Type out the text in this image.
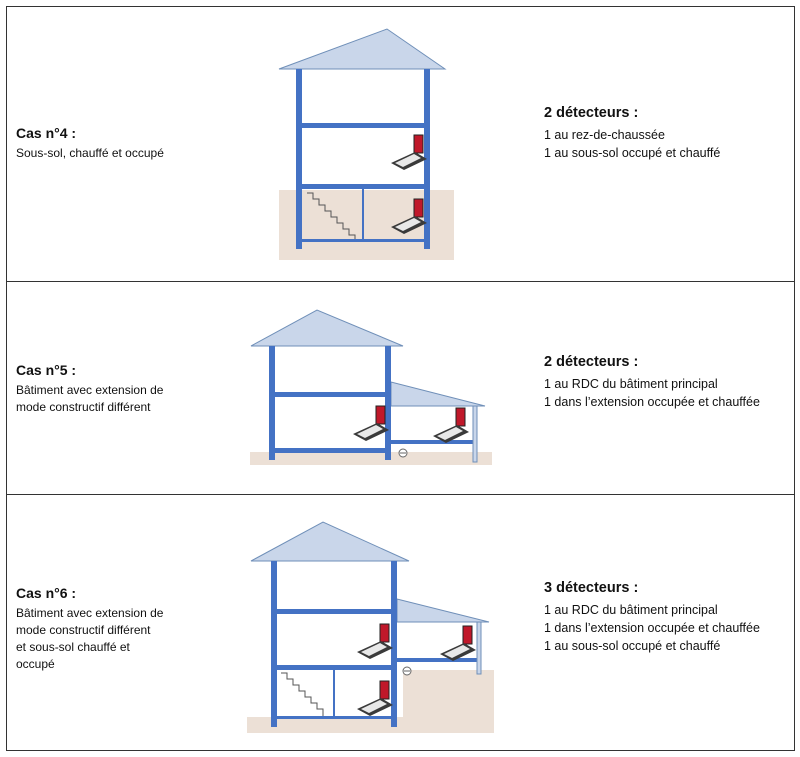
Cas n°4 :

Sous-sol, chauffé et occupé

2 détecteurs :

1 au rez-de-chaussée

1 au sous-sol occupé et chauffé

Cas n°5 :

Bâtiment avec extension de

mode constructif différent

2 détecteurs :

1 au RDC du bâtiment principal

1 dans l’extension occupée et chauffée

Cas n°6 :

Bâtiment avec extension de

mode constructif différent

et sous-sol chauffé et

occupé

3 détecteurs :

1 au RDC du bâtiment principal

1 dans l’extension occupée et chauffée

1 au sous-sol occupé et chauffé
